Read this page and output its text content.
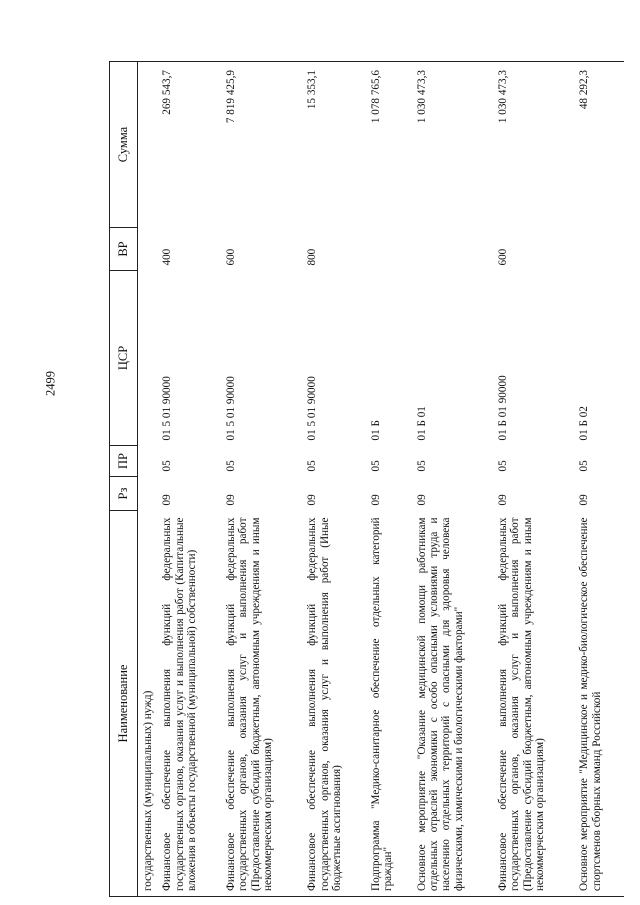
2499
Наименование	Рз	ПР	ЦСР	ВР	Сумма
государственных (муниципальных) нужд)					
Финансовое обеспечение выполнения функций федеральных государственных органов, оказания услуг и выполнения работ (Капитальные вложения в объекты государственной (муниципальной) собственности)	09	05	01 5 01 90000	400	269 543,7
Финансовое обеспечение выполнения функций федеральных государственных органов, оказания услуг и выполнения работ (Предоставление субсидий бюджетным, автономным учреждениям и иным некоммерческим организациям)	09	05	01 5 01 90000	600	7 819 425,9
Финансовое обеспечение выполнения функций федеральных государственных органов, оказания услуг и выполнения работ (Иные бюджетные ассигнования)	09	05	01 5 01 90000	800	15 353,1
Подпрограмма "Медико-санитарное обеспечение отдельных категорий граждан"	09	05	01 Б		1 078 765,6
Основное мероприятие "Оказание медицинской помощи работникам отдельных отраслей экономики с особо опасными условиями труда и населению отдельных территорий с опасными для здоровья человека физическими, химическими и биологическими факторами"	09	05	01 Б 01		1 030 473,3
Финансовое обеспечение выполнения функций федеральных государственных органов, оказания услуг и выполнения работ (Предоставление субсидий бюджетным, автономным учреждениям и иным некоммерческим организациям)	09	05	01 Б 01 90000	600	1 030 473,3
Основное мероприятие "Медицинское и медико-биологическое обеспечение спортсменов сборных команд Российской	09	05	01 Б 02		48 292,3
